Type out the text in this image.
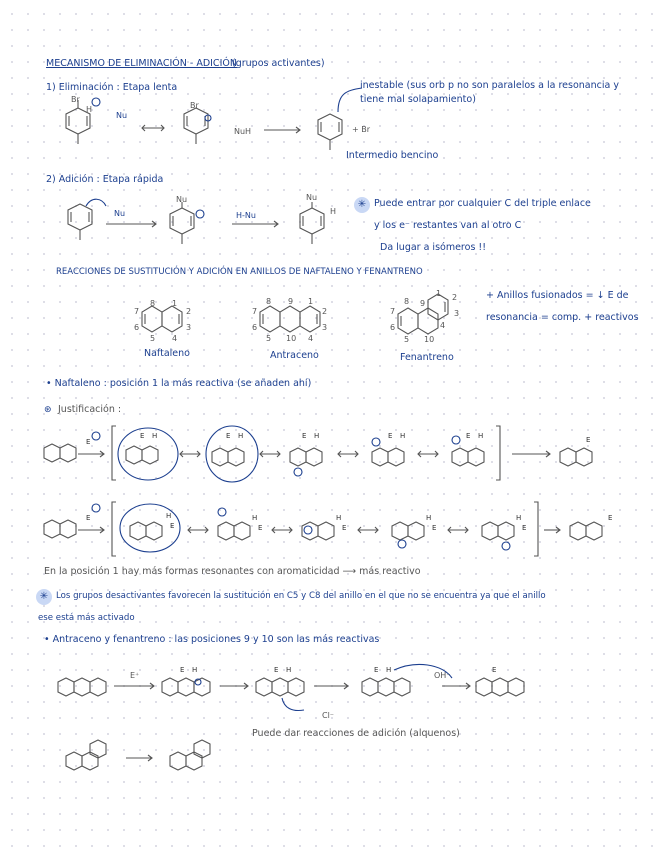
MECANISMO DE ELIMINACIÓN - ADICIÓN
(grupos activantes)
1) Eliminación : Etapa lenta
Br
H
Nu
Br
NuH →	+ Br
inestable (sus orb p no son paralelos a la resonancia y
tiene mal solapamiento)
Intermedio bencino
2) Adición : Etapa rápida
Nu
Nu
H-Nu
Nu
H
✳ Puede entrar por cualquier C del triple enlace
y los e⁻ restantes van al otro C
Da lugar a isómeros !!
REACCIONES DE SUSTITUCIÓN Y ADICIÓN EN ANILLOS DE NAFTALENO Y FENANTRENO
8 1
7	2
6	3
5 4
Naftaleno
8 9 1
7	2
6	3
5 10 4
Antraceno
1 2
3
4
5
6
7
8 9
10
Fenantreno
+ Anillos fusionados = ↓ E de
resonancia = comp. + reactivos
• Naftaleno : posición 1 la más reactiva (se añaden ahí)
⊛ Justificación :
E
E H	E H	E H	E H	E H	E
E	H
E
H
E
H
E
H
E
H
E
E
En la posición 1 hay más formas resonantes con aromaticidad ⟶ más reactivo
✳ Los grupos desactivantes favorecen la sustitución en C5 y C8 del anillo en el que no se encuentra ya que el anillo
ese está más activado
• Antraceno y fenantreno : las posiciones 9 y 10 son las más reactivas
E H	E H	E H	E
E⁺
Cl⁻
OH⁻
Puede dar reacciones de adición (alquenos)
